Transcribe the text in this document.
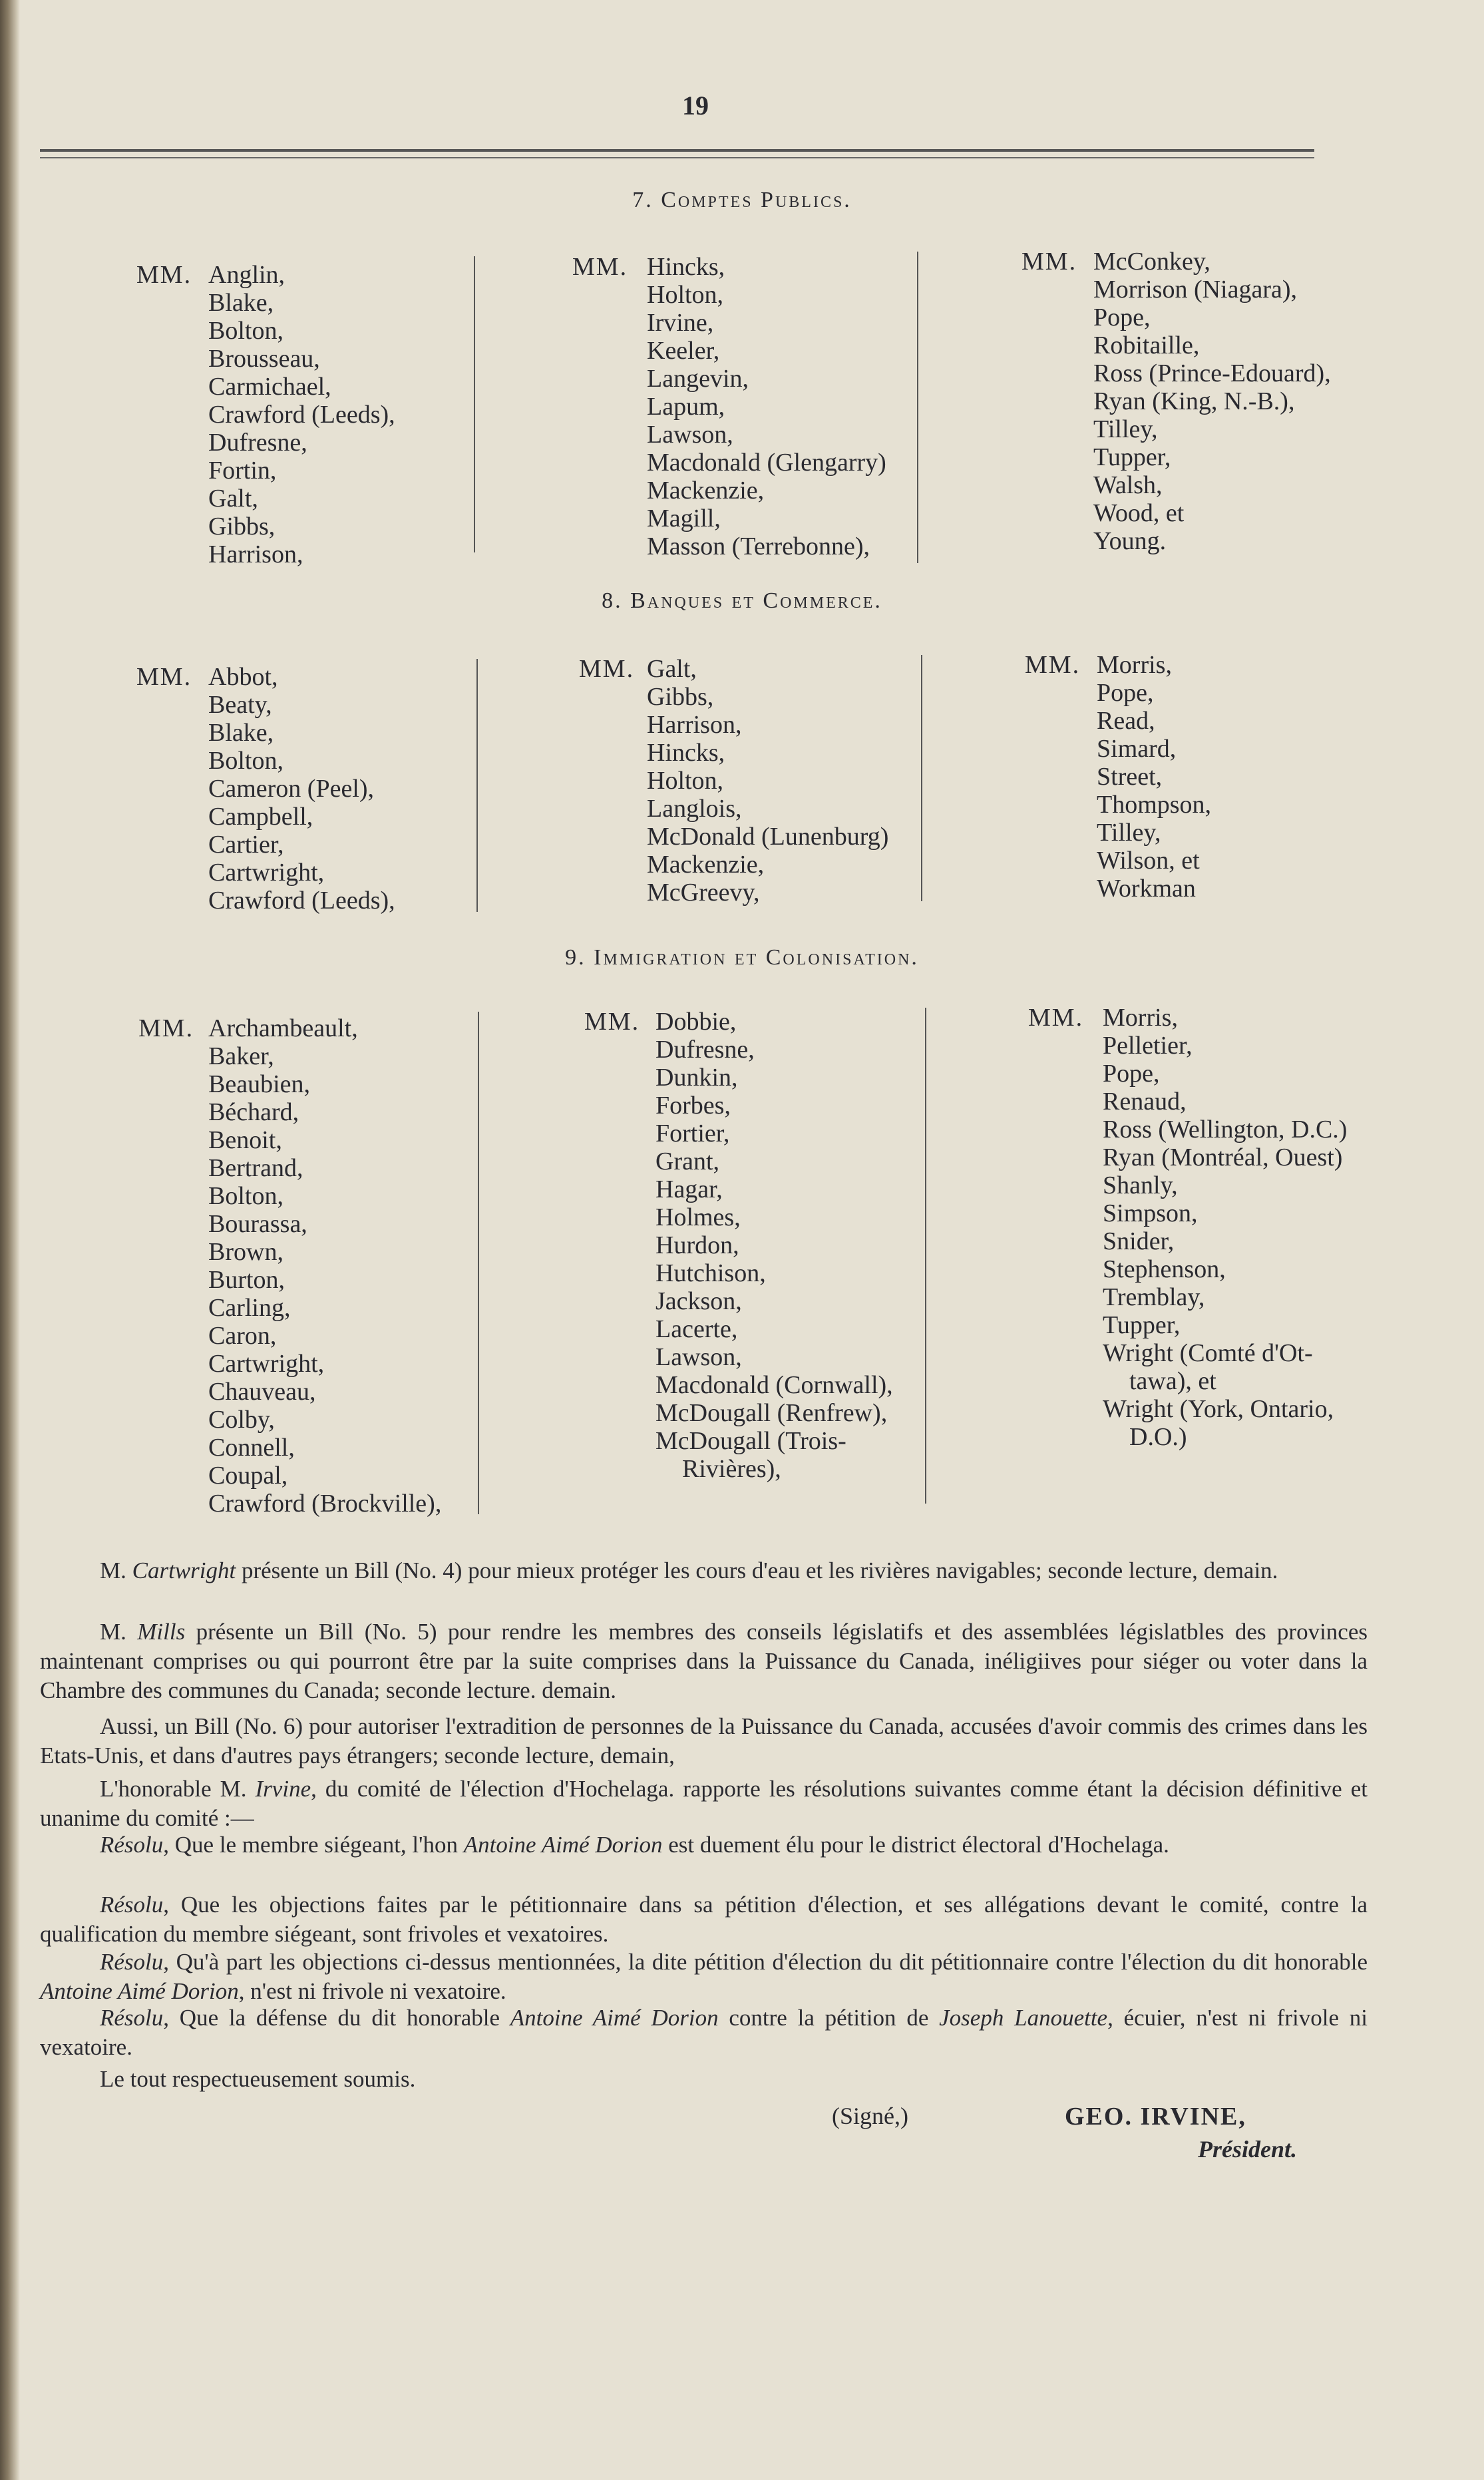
19
7. Comptes Publics.
MM. Anglin,
Blake,
Bolton,
Brousseau,
Carmichael,
Crawford (Leeds),
Dufresne,
Fortin,
Galt,
Gibbs,
Harrison,
MM. Hincks,
Holton,
Irvine,
Keeler,
Langevin,
Lapum,
Lawson,
Macdonald (Glengarry)
Mackenzie,
Magill,
Masson (Terrebonne),
MM. McConkey,
Morrison (Niagara),
Pope,
Robitaille,
Ross (Prince-Edouard),
Ryan (King, N.-B.),
Tilley,
Tupper,
Walsh,
Wood, et
Young.
8. Banques et Commerce.
MM. Abbot,
Beaty,
Blake,
Bolton,
Cameron (Peel),
Campbell,
Cartier,
Cartwright,
Crawford (Leeds),
MM. Galt,
Gibbs,
Harrison,
Hincks,
Holton,
Langlois,
McDonald (Lunenburg)
Mackenzie,
McGreevy,
MM. Morris,
Pope,
Read,
Simard,
Street,
Thompson,
Tilley,
Wilson, et
Workman
9. Immigration et Colonisation.
MM. Archambeault,
Baker,
Beaubien,
Béchard,
Benoit,
Bertrand,
Bolton,
Bourassa,
Brown,
Burton,
Carling,
Caron,
Cartwright,
Chauveau,
Colby,
Connell,
Coupal,
Crawford (Brockville),
MM. Dobbie,
Dufresne,
Dunkin,
Forbes,
Fortier,
Grant,
Hagar,
Holmes,
Hurdon,
Hutchison,
Jackson,
Lacerte,
Lawson,
Macdonald (Cornwall),
McDougall (Renfrew),
McDougall (Trois-
Rivières),
MM. Morris,
Pelletier,
Pope,
Renaud,
Ross (Wellington, D.C.)
Ryan (Montréal, Ouest)
Shanly,
Simpson,
Snider,
Stephenson,
Tremblay,
Tupper,
Wright (Comté d'Ot-
tawa), et
Wright (York, Ontario,
D.O.)
M. Cartwright présente un Bill (No. 4) pour mieux protéger les cours d'eau et les rivières navigables; seconde lecture, demain.
M. Mills présente un Bill (No. 5) pour rendre les membres des conseils législatifs et des assemblées législatbles des provinces maintenant comprises ou qui pourront être par la suite comprises dans la Puissance du Canada, inéligiives pour siéger ou voter dans la Chambre des communes du Canada; seconde lecture. demain.
Aussi, un Bill (No. 6) pour autoriser l'extradition de personnes de la Puissance du Canada, accusées d'avoir commis des crimes dans les Etats-Unis, et dans d'autres pays étrangers; seconde lecture, demain,
L'honorable M. Irvine, du comité de l'élection d'Hochelaga. rapporte les résolutions suivantes comme étant la décision définitive et unanime du comité :—
Résolu, Que le membre siégeant, l'hon Antoine Aimé Dorion est duement élu pour le district électoral d'Hochelaga.
Résolu, Que les objections faites par le pétitionnaire dans sa pétition d'élection, et ses allégations devant le comité, contre la qualification du membre siégeant, sont frivoles et vexatoires.
Résolu, Qu'à part les objections ci-dessus mentionnées, la dite pétition d'élection du dit pétitionnaire contre l'élection du dit honorable Antoine Aimé Dorion, n'est ni frivole ni vexatoire.
Résolu, Que la défense du dit honorable Antoine Aimé Dorion contre la pétition de Joseph Lanouette, écuier, n'est ni frivole ni vexatoire.
Le tout respectueusement soumis.
(Signé,)	GEO. IRVINE,
Président.
